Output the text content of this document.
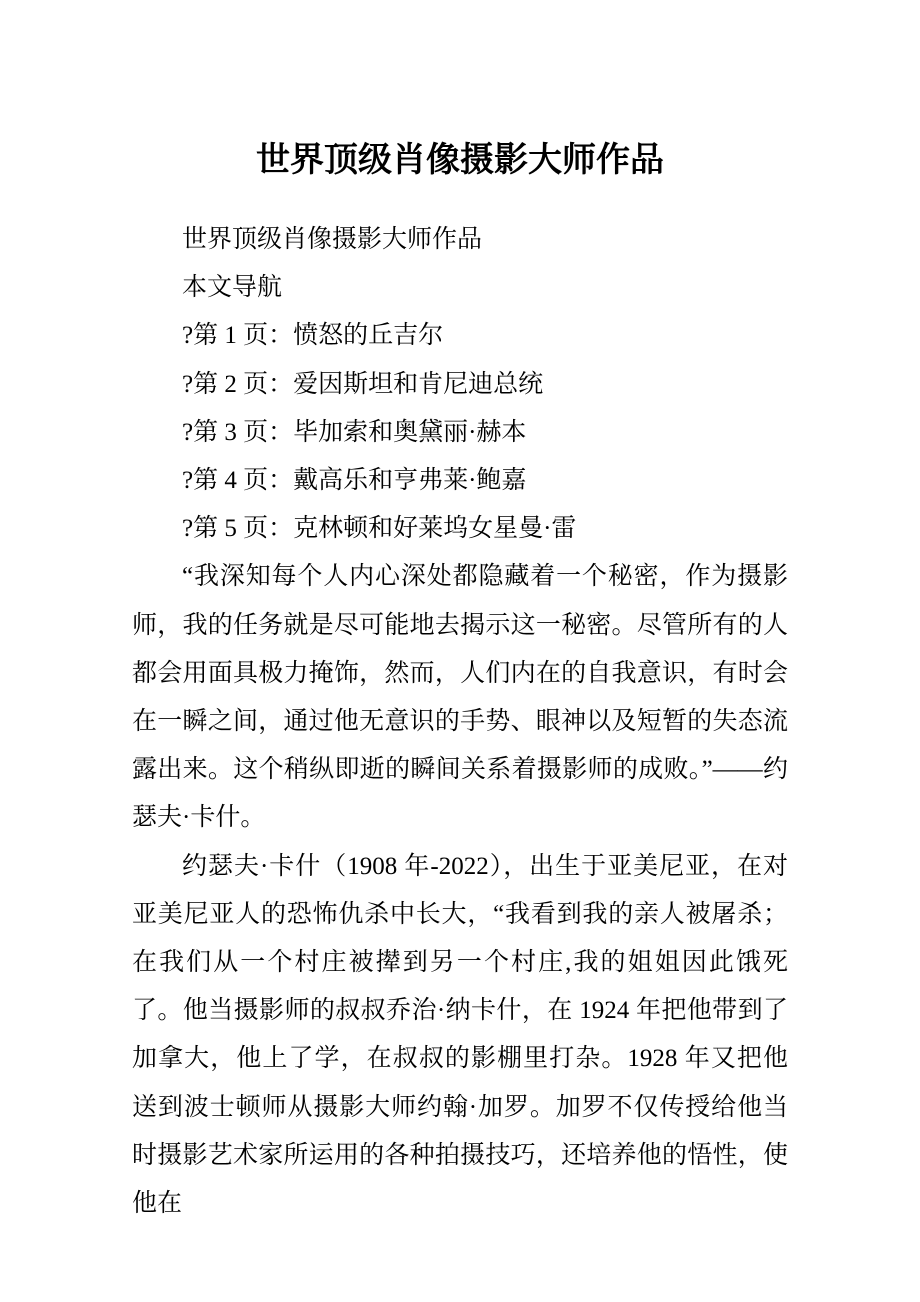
世界顶级肖像摄影大师作品

世界顶级肖像摄影大师作品

本文导航

?第 1 页：愤怒的丘吉尔

?第 2 页：爱因斯坦和肯尼迪总统

?第 3 页：毕加索和奥黛丽·赫本

?第 4 页：戴高乐和亨弗莱·鲍嘉

?第 5 页：克林顿和好莱坞女星曼·雷

“我深知每个人内心深处都隐藏着一个秘密，作为摄影师，我的任务就是尽可能地去揭示这一秘密。尽管所有的人都会用面具极力掩饰，然而，人们内在的自我意识，有时会在一瞬之间，通过他无意识的手势、眼神以及短暂的失态流露出来。这个稍纵即逝的瞬间关系着摄影师的成败。”——约瑟夫·卡什。

约瑟夫·卡什（1908 年-2022），出生于亚美尼亚，在对亚美尼亚人的恐怖仇杀中长大，“我看到我的亲人被屠杀；在我们从一个村庄被撵到另一个村庄,我的姐姐因此饿死了。他当摄影师的叔叔乔治·纳卡什，在 1924 年把他带到了加拿大，他上了学，在叔叔的影棚里打杂。1928 年又把他送到波士顿师从摄影大师约翰·加罗。加罗不仅传授给他当时摄影艺术家所运用的各种拍摄技巧，还培养他的悟性，使他在
